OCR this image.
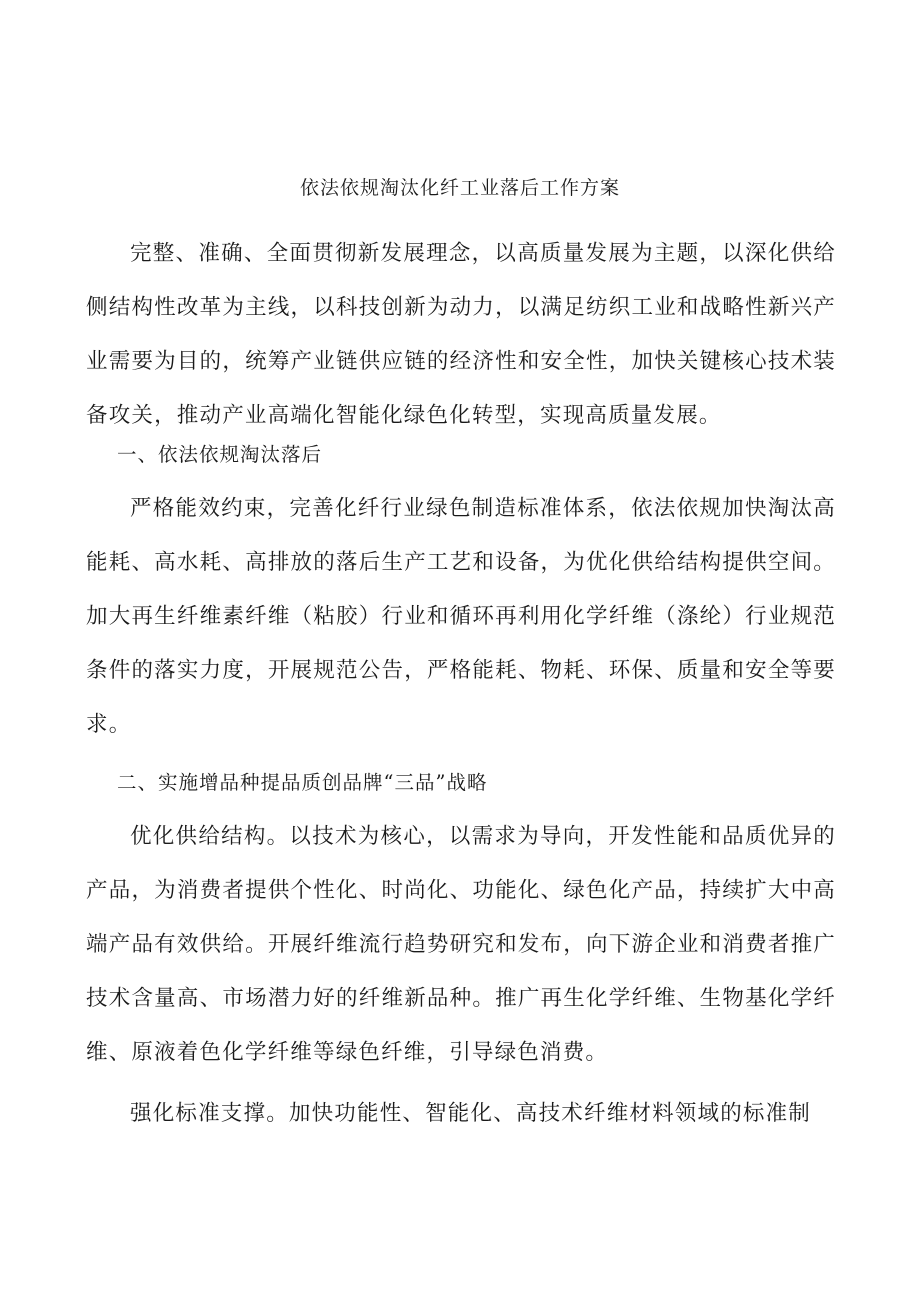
依法依规淘汰化纤工业落后工作方案

完整、准确、全面贯彻新发展理念，以高质量发展为主题，以深化供给侧结构性改革为主线，以科技创新为动力，以满足纺织工业和战略性新兴产业需要为目的，统筹产业链供应链的经济性和安全性，加快关键核心技术装备攻关，推动产业高端化智能化绿色化转型，实现高质量发展。

一、依法依规淘汰落后

严格能效约束，完善化纤行业绿色制造标准体系，依法依规加快淘汰高能耗、高水耗、高排放的落后生产工艺和设备，为优化供给结构提供空间。加大再生纤维素纤维（粘胶）行业和循环再利用化学纤维（涤纶）行业规范条件的落实力度，开展规范公告，严格能耗、物耗、环保、质量和安全等要求。

二、实施增品种提品质创品牌“三品”战略

优化供给结构。以技术为核心，以需求为导向，开发性能和品质优异的产品，为消费者提供个性化、时尚化、功能化、绿色化产品，持续扩大中高端产品有效供给。开展纤维流行趋势研究和发布，向下游企业和消费者推广技术含量高、市场潜力好的纤维新品种。推广再生化学纤维、生物基化学纤维、原液着色化学纤维等绿色纤维，引导绿色消费。

强化标准支撑。加快功能性、智能化、高技术纤维材料领域的标准制
